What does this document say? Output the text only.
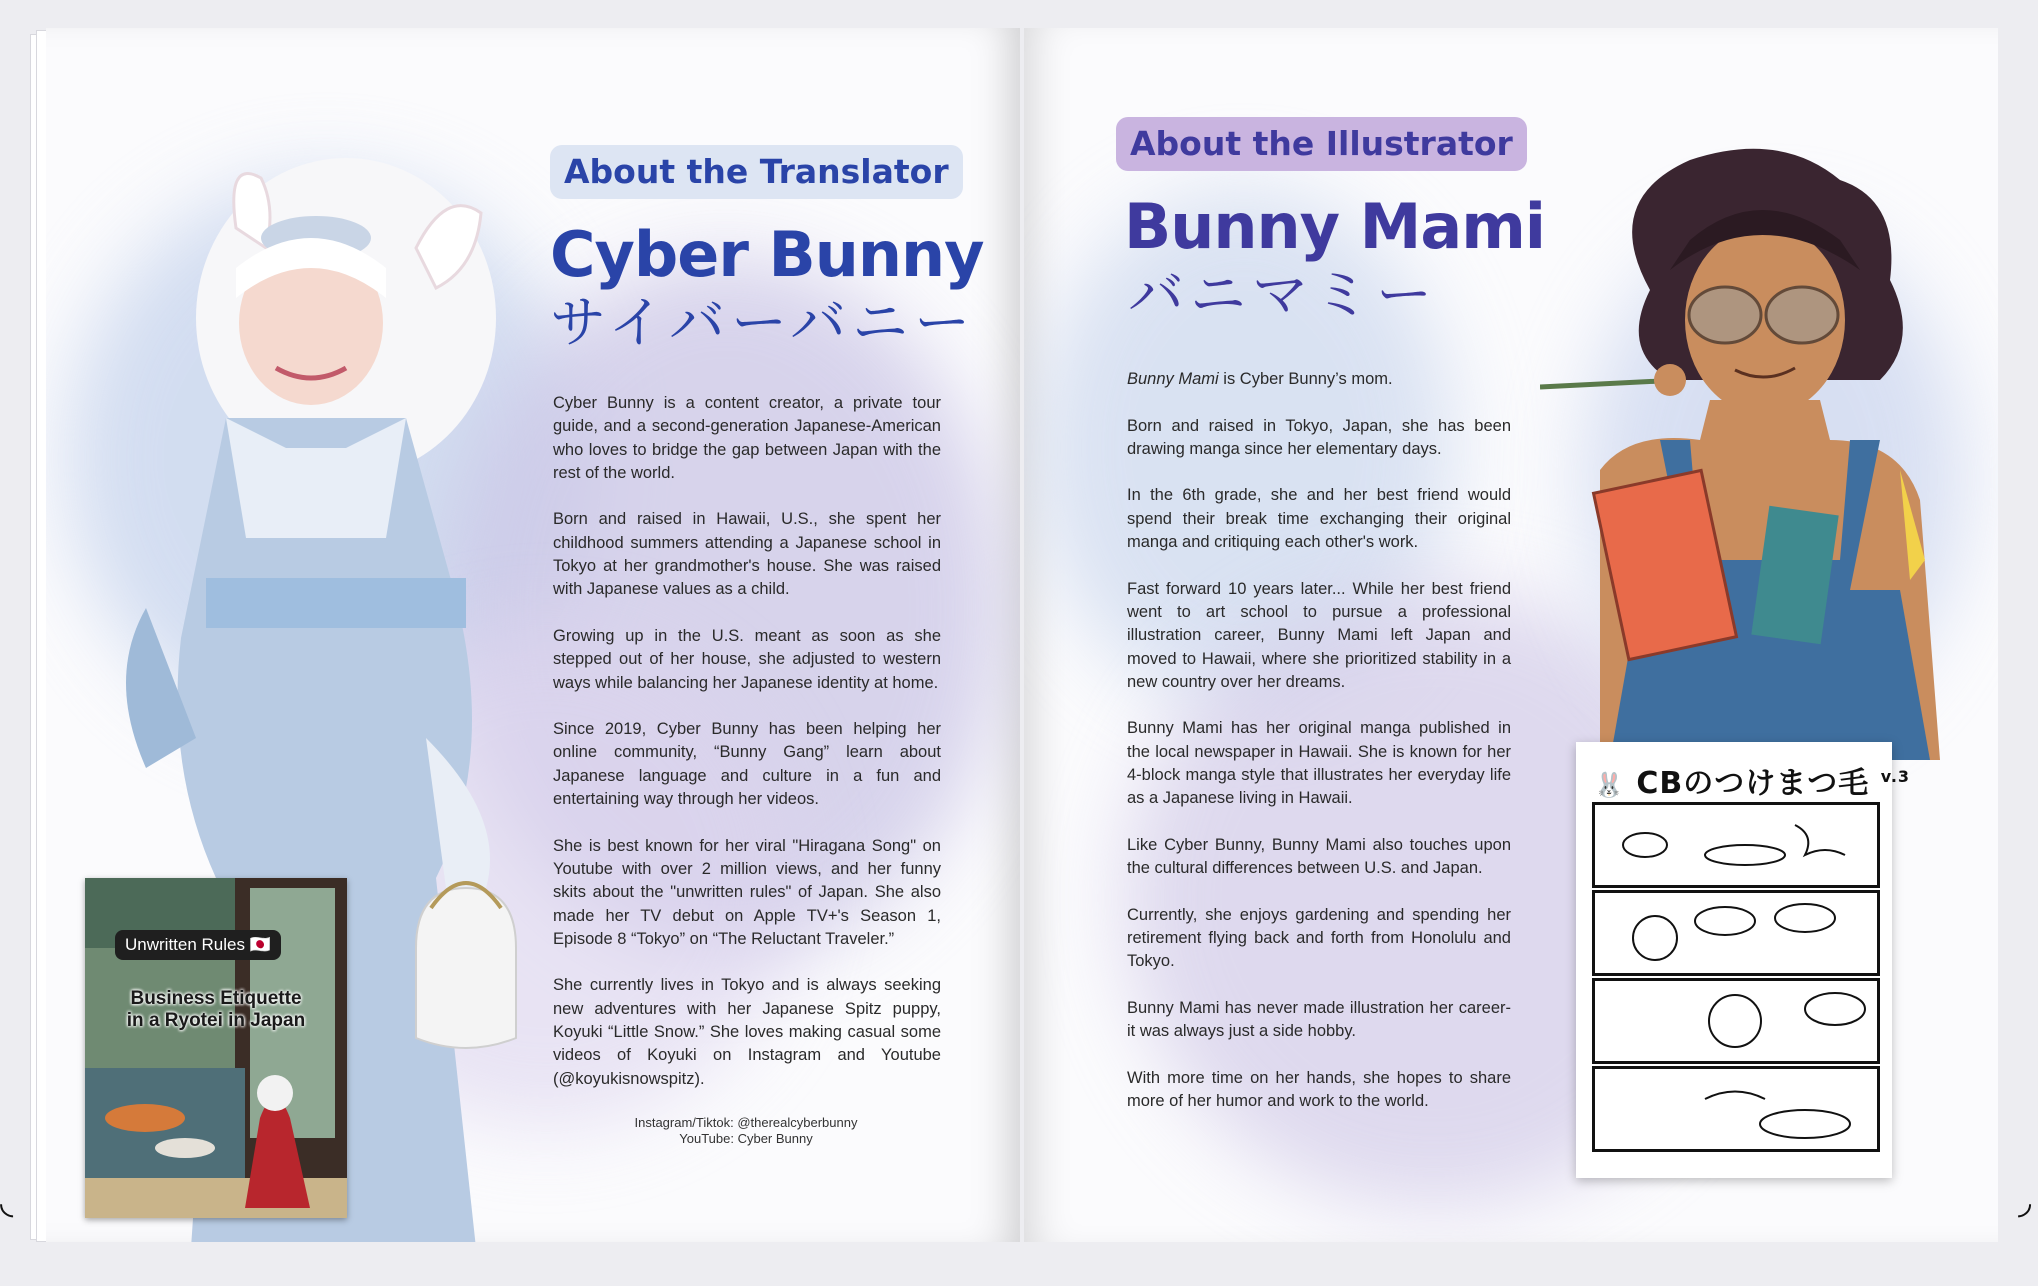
About the Translator
Cyber Bunny
サイバーバニー

Cyber Bunny is a content creator, a private tour guide, and a second-generation Japanese-American who loves to bridge the gap between Japan with the rest of the world.

Born and raised in Hawaii, U.S., she spent her childhood summers attending a Japanese school in Tokyo at her grandmother's house. She was raised with Japanese values as a child.

Growing up in the U.S. meant as soon as she stepped out of her house, she adjusted to western ways while balancing her Japanese identity at home.

Since 2019, Cyber Bunny has been helping her online community, “Bunny Gang” learn about Japanese language and culture in a fun and entertaining way through her videos.

She is best known for her viral "Hiragana Song" on Youtube with over 2 million views, and her funny skits about the "unwritten rules" of Japan. She also made her TV debut on Apple TV+'s Season 1, Episode 8 “Tokyo” on “The Reluctant Traveler.”

She currently lives in Tokyo and is always seeking new adventures with her Japanese Spitz puppy, Koyuki “Little Snow.” She loves making casual some videos of Koyuki on Instagram and Youtube (@koyukisnowspitz).

Instagram/Tiktok: @therealcyberbunny
YouTube: Cyber Bunny
Unwritten Rules 🇯🇵
Business Etiquette
in a Ryotei in Japan
About the Illustrator
Bunny Mami
バニマミー

Bunny Mami is Cyber Bunny’s mom.

Born and raised in Tokyo, Japan, she has been drawing manga since her elementary days.

In the 6th grade, she and her best friend would spend their break time exchanging their original manga and critiquing each other's work.

Fast forward 10 years later... While her best friend went to art school to pursue a professional illustration career, Bunny Mami left Japan and moved to Hawaii, where she prioritized stability in a new country over her dreams.

Bunny Mami has her original manga published in the local newspaper in Hawaii. She is known for her 4-block manga style that illustrates her everyday life as a Japanese living in Hawaii.

Like Cyber Bunny, Bunny Mami also touches upon the cultural differences between U.S. and Japan.

Currently, she enjoys gardening and spending her retirement flying back and forth from Honolulu and Tokyo.

Bunny Mami has never made illustration her career- it was always just a side hobby.

With more time on her hands, she hopes to share more of her humor and work to the world.

🐰 CBのつけまつ毛 $^{v.3}$
◟	◞
